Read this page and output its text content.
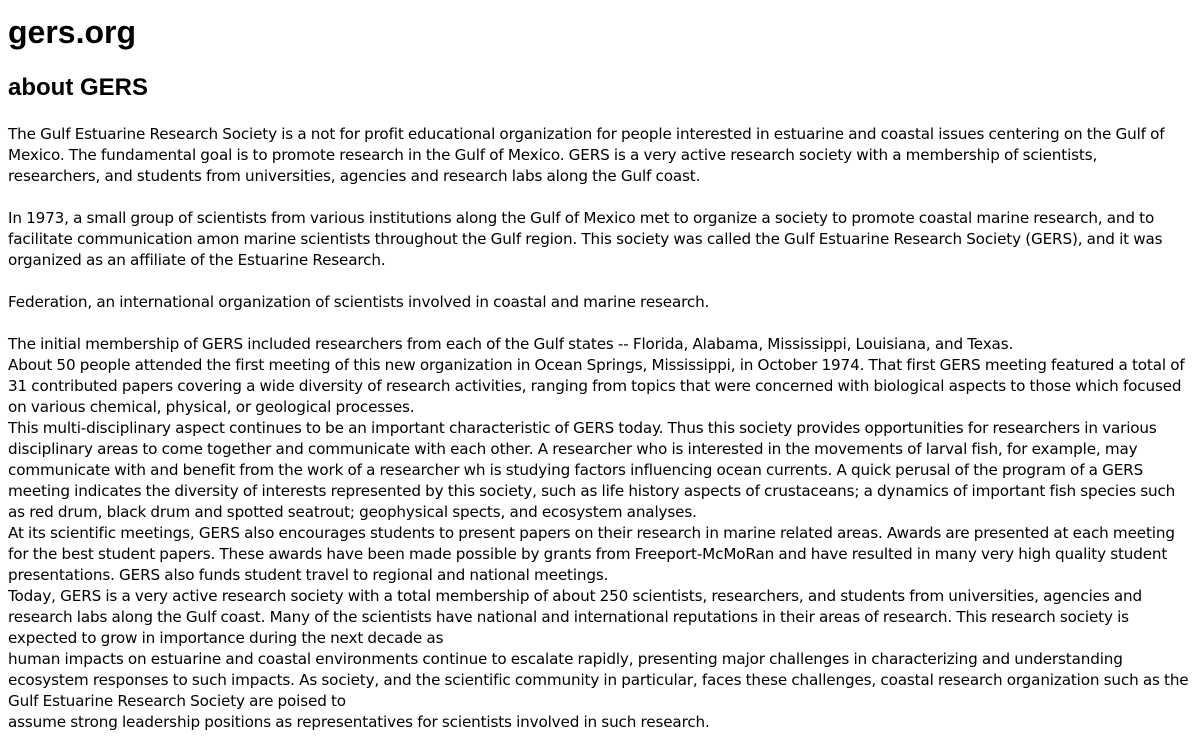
gers.org
about GERS

The Gulf Estuarine Research Society is a not for profit educational organization for people interested in estuarine and coastal issues centering on the Gulf of Mexico. The fundamental goal is to promote research in the Gulf of Mexico. GERS is a very active research society with a membership of scientists, researchers, and students from universities, agencies and research labs along the Gulf coast.

In 1973, a small group of scientists from various institutions along the Gulf of Mexico met to organize a society to promote coastal marine research, and to facilitate communication amon marine scientists throughout the Gulf region. This society was called the Gulf Estuarine Research Society (GERS), and it was organized as an affiliate of the Estuarine Research.

Federation, an international organization of scientists involved in coastal and marine research.

The initial membership of GERS included researchers from each of the Gulf states -- Florida, Alabama, Mississippi, Louisiana, and Texas.

About 50 people attended the first meeting of this new organization in Ocean Springs, Mississippi, in October 1974. That first GERS meeting featured a total of 31 contributed papers covering a wide diversity of research activities, ranging from topics that were concerned with biological aspects to those which focused on various chemical, physical, or geological processes.

This multi-disciplinary aspect continues to be an important characteristic of GERS today. Thus this society provides opportunities for researchers in various disciplinary areas to come together and communicate with each other. A researcher who is interested in the movements of larval fish, for example, may communicate with and benefit from the work of a researcher wh is studying factors influencing ocean currents. A quick perusal of the program of a GERS meeting indicates the diversity of interests represented by this society, such as life history aspects of crustaceans; a dynamics of important fish species such as red drum, black drum and spotted seatrout; geophysical spects, and ecosystem analyses.

At its scientific meetings, GERS also encourages students to present papers on their research in marine related areas. Awards are presented at each meeting for the best student papers. These awards have been made possible by grants from Freeport-McMoRan and have resulted in many very high quality student presentations. GERS also funds student travel to regional and national meetings.

Today, GERS is a very active research society with a total membership of about 250 scientists, researchers, and students from universities, agencies and research labs along the Gulf coast. Many of the scientists have national and international reputations in their areas of research. This research society is expected to grow in importance during the next decade as

human impacts on estuarine and coastal environments continue to escalate rapidly, presenting major challenges in characterizing and understanding ecosystem responses to such impacts. As society, and the scientific community in particular, faces these challenges, coastal research organization such as the Gulf Estuarine Research Society are poised to

assume strong leadership positions as representatives for scientists involved in such research.
